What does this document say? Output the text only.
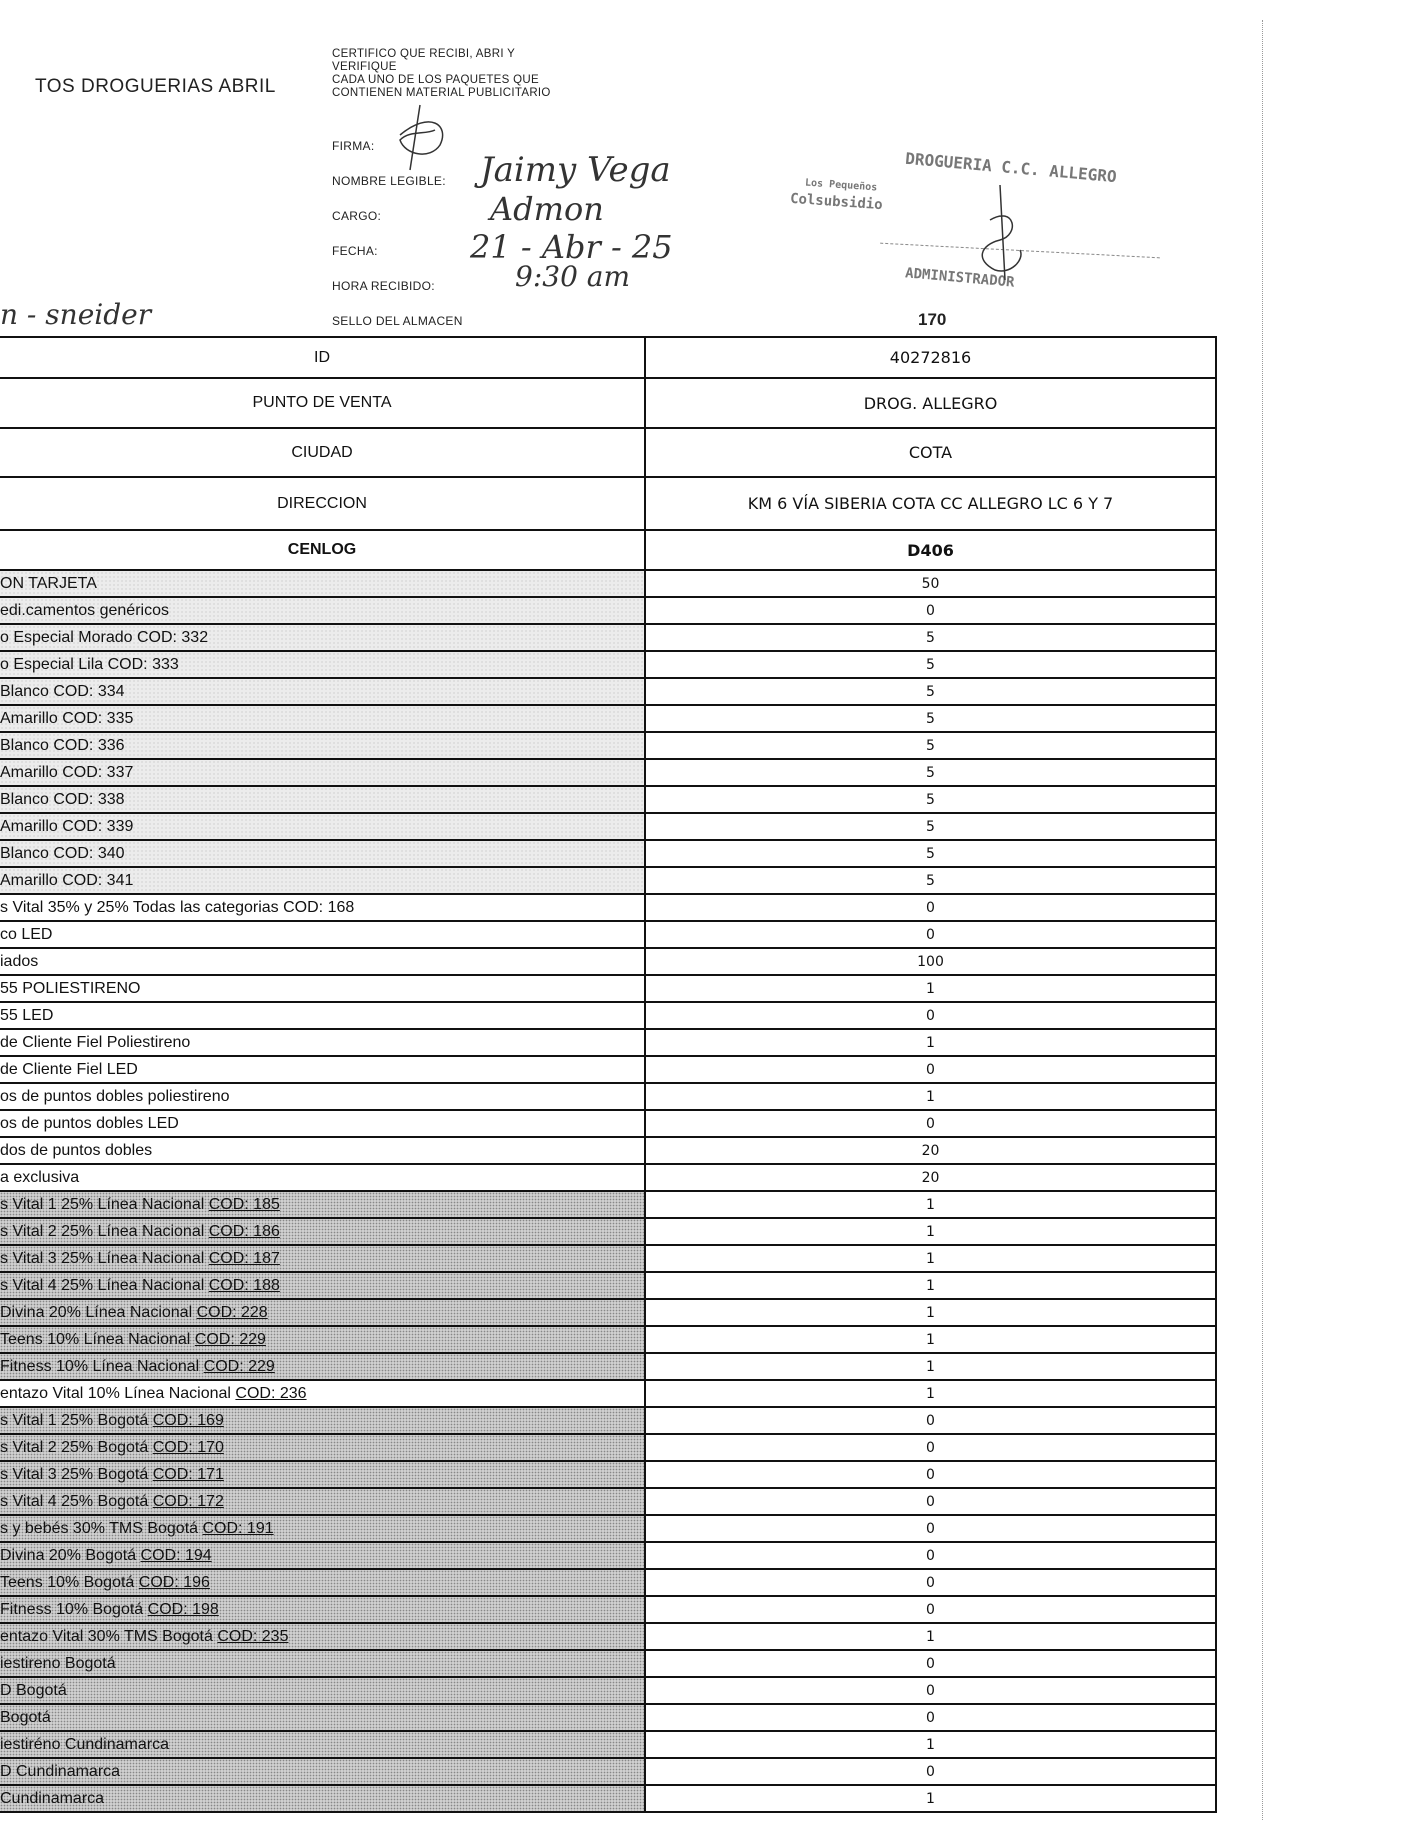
TOS DROGUERIAS ABRIL
CERTIFICO QUE RECIBI, ABRI Y
VERIFIQUE
CADA UNO DE LOS PAQUETES QUE
CONTIENEN MATERIAL PUBLICITARIO
FIRMA:
NOMBRE LEGIBLE: Jaimy Vega
CARGO:	Admon
FECHA:	21 - Abr - 25
HORA RECIBIDO:	9:30 am
SELLO DEL ALMACEN
n - sneider
DROGUERIA C.C. ALLEGRO
Los Pequeños
Colsubsidio
ADMINISTRADOR
170
ID	40272816
PUNTO DE VENTA	DROG. ALLEGRO
CIUDAD	COTA
DIRECCION	KM 6 VÍA SIBERIA COTA CC ALLEGRO LC 6 Y 7
CENLOG	D406
ON TARJETA	50
edi.camentos genéricos	0
o Especial Morado COD: 332	5
o Especial Lila COD: 333	5
Blanco COD: 334	5
Amarillo COD: 335	5
Blanco COD: 336	5
Amarillo COD: 337	5
Blanco COD: 338	5
Amarillo COD: 339	5
Blanco COD: 340	5
Amarillo COD: 341	5
s Vital 35% y 25% Todas las categorias COD: 168	0
co LED	0
iados	100
55 POLIESTIRENO	1
55 LED	0
de Cliente Fiel Poliestireno	1
de Cliente Fiel LED	0
os de puntos dobles poliestireno	1
os de puntos dobles LED	0
dos de puntos dobles	20
a exclusiva	20
s Vital 1 25% Línea Nacional COD: 185	1
s Vital 2 25% Línea Nacional COD: 186	1
s Vital 3 25% Línea Nacional COD: 187	1
s Vital 4 25% Línea Nacional COD: 188	1
Divina 20% Línea Nacional COD: 228	1
Teens 10% Línea Nacional COD: 229	1
Fitness 10% Línea Nacional COD: 229	1
entazo Vital 10% Línea Nacional COD: 236	1
s Vital 1 25% Bogotá COD: 169	0
s Vital 2 25% Bogotá COD: 170	0
s Vital 3 25% Bogotá COD: 171	0
s Vital 4 25% Bogotá COD: 172	0
s y bebés 30% TMS Bogotá COD: 191	0
Divina 20% Bogotá COD: 194	0
Teens 10% Bogotá COD: 196	0
Fitness 10% Bogotá COD: 198	0
entazo Vital 30% TMS Bogotá COD: 235	1
iestireno Bogotá	0
D Bogotá	0
Bogotá	0
iestiréno Cundinamarca	1
D Cundinamarca	0
Cundinamarca	1
